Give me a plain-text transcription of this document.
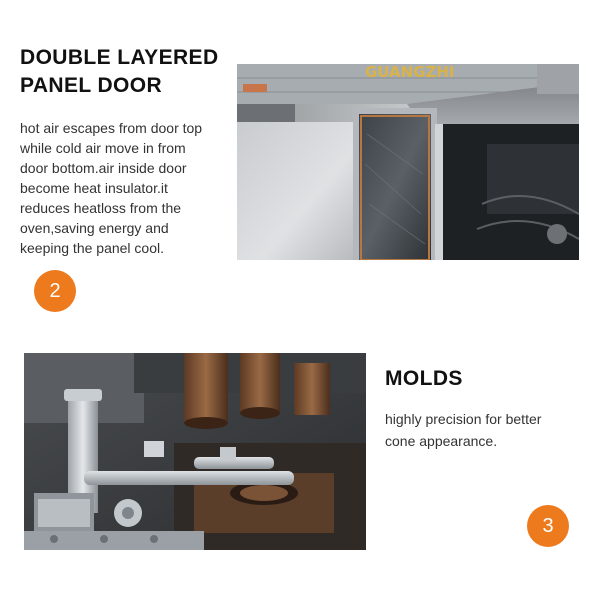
DOUBLE LAYERED
PANEL DOOR
hot air escapes from door top
while cold air move in from
door bottom.air inside door
become heat insulator.it
reduces heatloss from the
oven,saving energy and
keeping the panel cool.
2
GUANGZHI
MOLDS
highly precision for better
cone appearance.
3
